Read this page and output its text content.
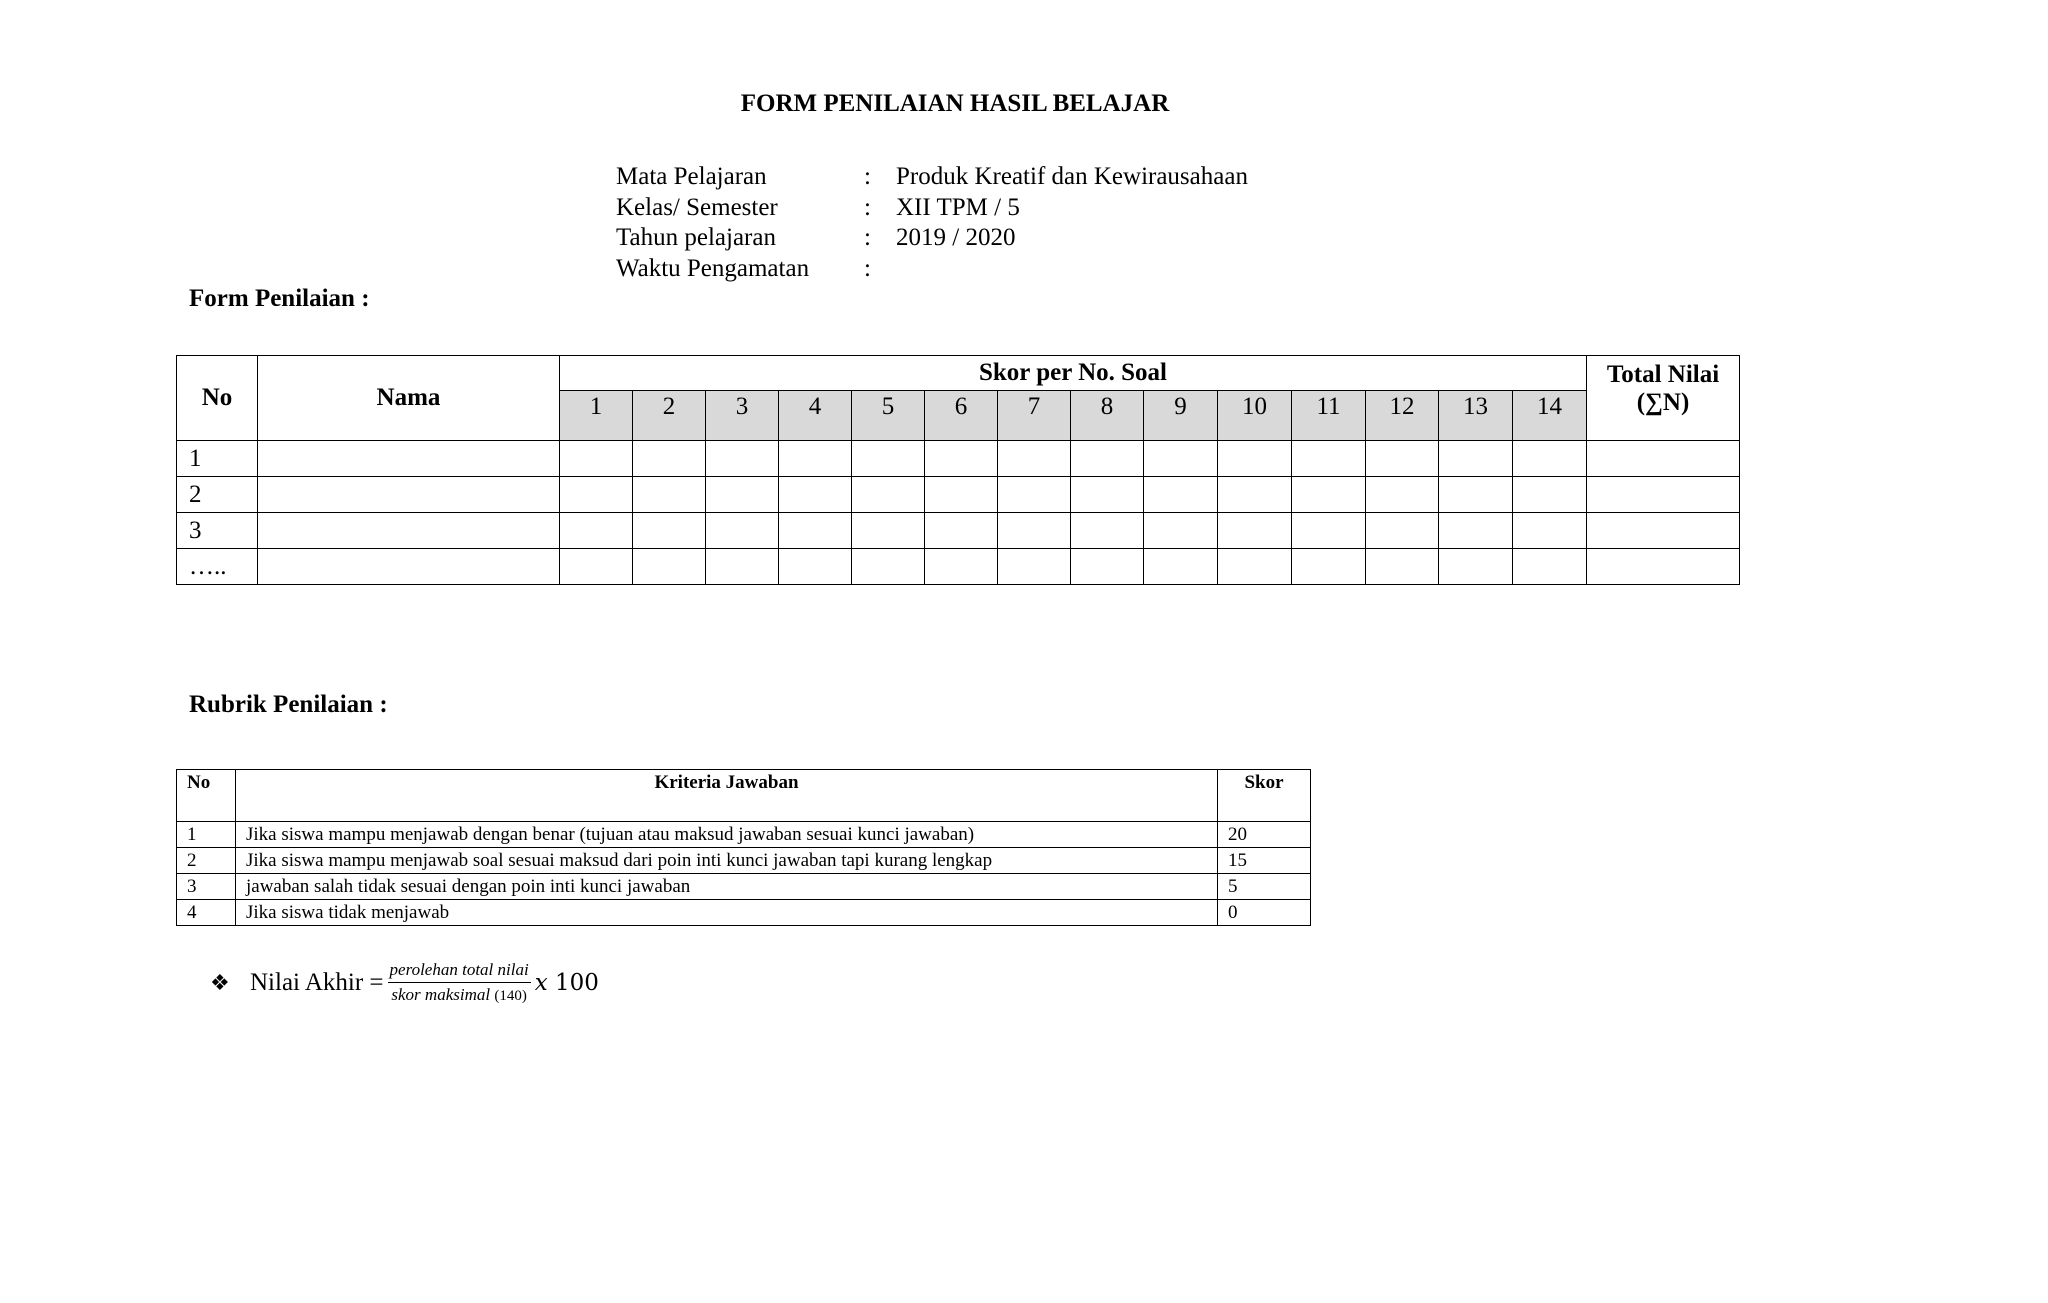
FORM PENILAIAN HASIL BELAJAR
Mata Pelajaran	:	Produk Kreatif dan Kewirausahaan
Kelas/ Semester	:	XII TPM / 5
Tahun pelajaran	:	2019 / 2020
Waktu Pengamatan	:
Form Penilaian :
No	Nama	Skor per No. Soal														Total Nilai
(∑N)

		1	2	3	4	5	6	7	8	9	10	11	12	13	14	
1																
2																
3																
…..																
Rubrik Penilaian :
No	Kriteria Jawaban	Skor
1	Jika siswa mampu menjawab dengan benar (tujuan atau maksud jawaban sesuai kunci jawaban)	20
2	Jika siswa mampu menjawab soal sesuai maksud dari poin inti kunci jawaban tapi kurang lengkap	15
3	jawaban salah tidak sesuai dengan poin inti kunci jawaban	5
4	Jika siswa tidak menjawab	0
❖ Nilai Akhir = $\frac{\text{perolehan total nilai}}{\text{skor maksimal (140)}}$ x 100
